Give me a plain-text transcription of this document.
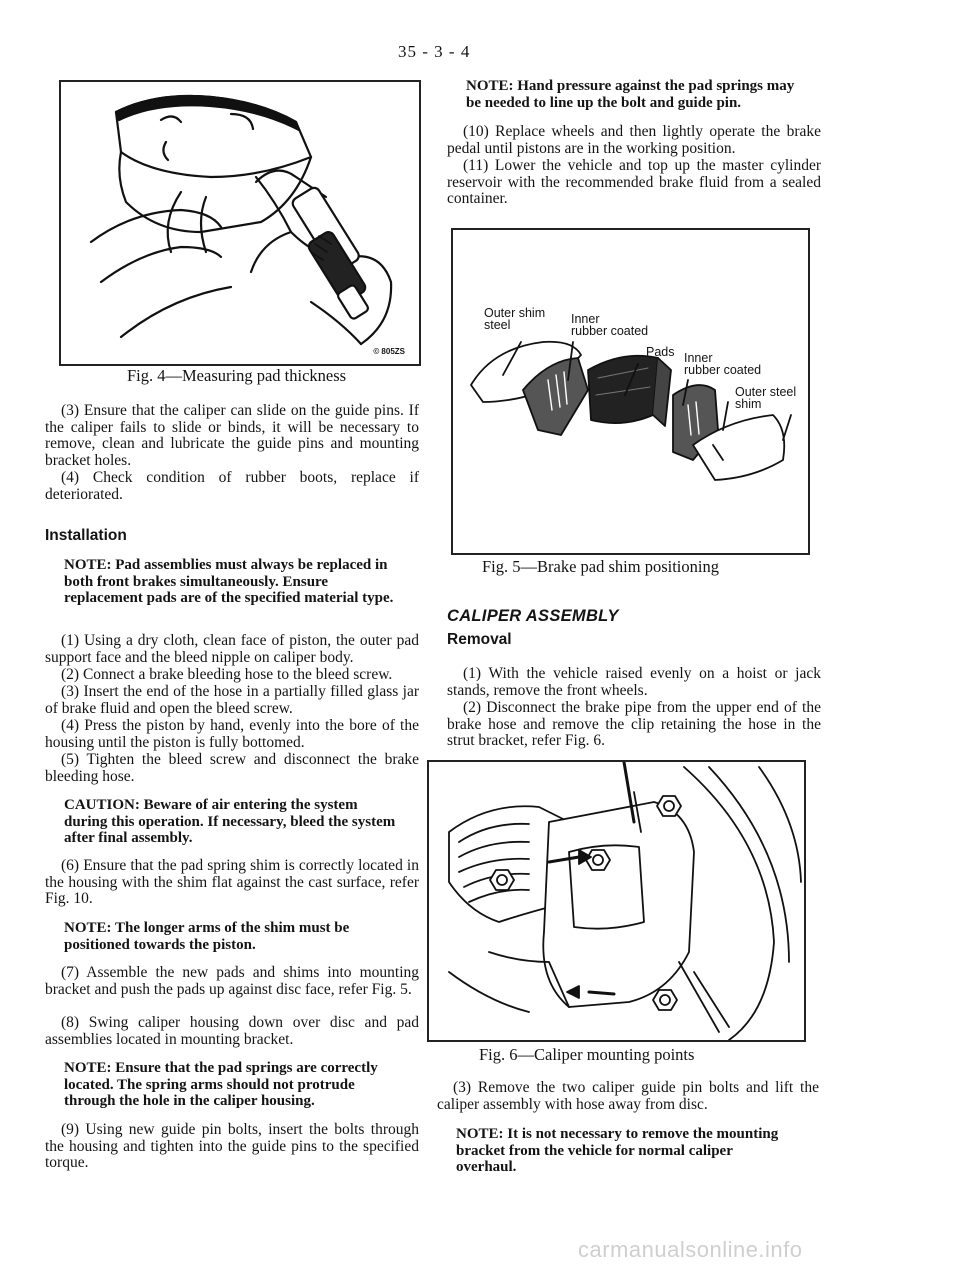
35 - 3 - 4
© 805ZS
Fig. 4—Measuring pad thickness
(3) Ensure that the caliper can slide on the guide pins. If the caliper fails to slide or binds, it will be necessary to remove, clean and lubricate the guide pins and mounting bracket holes.
(4) Check condition of rubber boots, replace if deteriorated.
Installation
NOTE: Pad assemblies must always be replaced in both front brakes simultaneously. Ensure replacement pads are of the specified material type.
(1) Using a dry cloth, clean face of piston, the outer pad support face and the bleed nipple on caliper body.
(2) Connect a brake bleeding hose to the bleed screw.
(3) Insert the end of the hose in a partially filled glass jar of brake fluid and open the bleed screw.
(4) Press the piston by hand, evenly into the bore of the housing until the piston is fully bottomed.
(5) Tighten the bleed screw and disconnect the brake bleeding hose.
CAUTION: Beware of air entering the system during this operation. If necessary, bleed the system after final assembly.
(6) Ensure that the pad spring shim is correctly located in the housing with the shim flat against the cast surface, refer Fig. 10.
NOTE: The longer arms of the shim must be positioned towards the piston.
(7) Assemble the new pads and shims into mounting bracket and push the pads up against disc face, refer Fig. 5.
(8) Swing caliper housing down over disc and pad assemblies located in mounting bracket.
NOTE: Ensure that the pad springs are correctly located. The spring arms should not protrude through the hole in the caliper housing.
(9) Using new guide pin bolts, insert the bolts through the housing and tighten into the guide pins to the specified torque.
NOTE: Hand pressure against the pad springs may be needed to line up the bolt and guide pin.
(10) Replace wheels and then lightly operate the brake pedal until pistons are in the working position.
(11) Lower the vehicle and top up the master cylinder reservoir with the recommended brake fluid from a sealed container.
Outer shim
steel	Inner
rubber coated
Pads Inner
rubber coated
Outer steel
shim
Fig. 5—Brake pad shim positioning
CALIPER ASSEMBLY
Removal
(1) With the vehicle raised evenly on a hoist or jack stands, remove the front wheels.
(2) Disconnect the brake pipe from the upper end of the brake hose and remove the clip retaining the hose in the strut bracket, refer Fig. 6.
Fig. 6—Caliper mounting points
(3) Remove the two caliper guide pin bolts and lift the caliper assembly with hose away from disc.
NOTE: It is not necessary to remove the mounting bracket from the vehicle for normal caliper overhaul.
carmanualsonline.info
